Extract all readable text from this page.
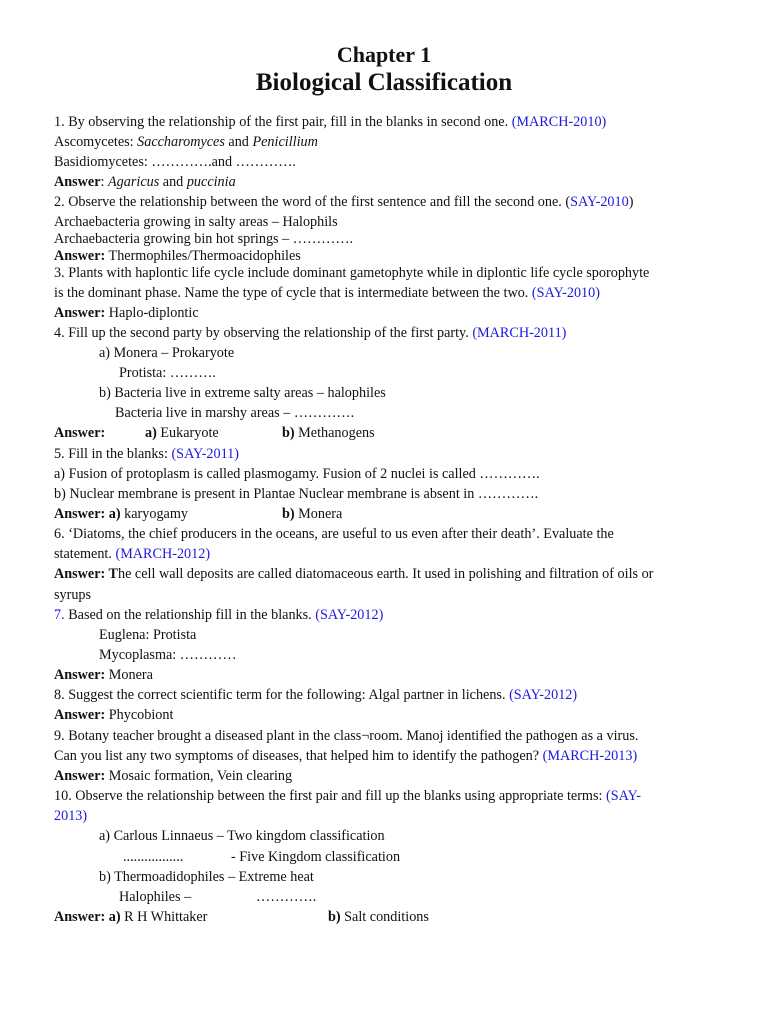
Chapter 1
Biological Classification
1. By observing the relationship of the first pair, fill in the blanks in second one. (MARCH-2010)
Ascomycetes: Saccharomyces and Penicillium
Basidiomycetes: ………….and ………….
Answer: Agaricus and puccinia
2. Observe the relationship between the word of the first sentence and fill the second one. (SAY-2010)
Archaebacteria growing in salty areas – Halophils
Archaebacteria growing bin hot springs – ………….
Answer: Thermophiles/Thermoacidophiles
3. Plants with haplontic life cycle include dominant gametophyte while in diplontic life cycle sporophyte
is the dominant phase. Name the type of cycle that is intermediate between the two. (SAY-2010)
Answer: Haplo-diplontic
4. Fill up the second party by observing the relationship of the first party. (MARCH-2011)
a) Monera – Prokaryote
Protista: ……….
b) Bacteria live in extreme salty areas – halophiles
Bacteria live in marshy areas – ………….
Answer:	a) Eukaryote	b) Methanogens
5. Fill in the blanks: (SAY-2011)
a) Fusion of protoplasm is called plasmogamy. Fusion of 2 nuclei is called ………….
b) Nuclear membrane is present in Plantae Nuclear membrane is absent in ………….
Answer: a) karyogamy	b) Monera
6. ‘Diatoms, the chief producers in the oceans, are useful to us even after their death’. Evaluate the
statement. (MARCH-2012)
Answer: The cell wall deposits are called diatomaceous earth. It used in polishing and filtration of oils or
syrups
7. Based on the relationship fill in the blanks. (SAY-2012)
Euglena: Protista
Mycoplasma: …………
Answer: Monera
8. Suggest the correct scientific term for the following: Algal partner in lichens. (SAY-2012)
Answer: Phycobiont
9. Botany teacher brought a diseased plant in the class¬room. Manoj identified the pathogen as a virus.
Can you list any two symptoms of diseases, that helped him to identify the pathogen? (MARCH-2013)
Answer: Mosaic formation, Vein clearing
10. Observe the relationship between the first pair and fill up the blanks using appropriate terms: (SAY-
2013)
a) Carlous Linnaeus – Two kingdom classification
.................	- Five Kingdom classification
b) Thermoadidophiles – Extreme heat
Halophiles –	………….
Answer: a) R H Whittaker	b) Salt conditions
